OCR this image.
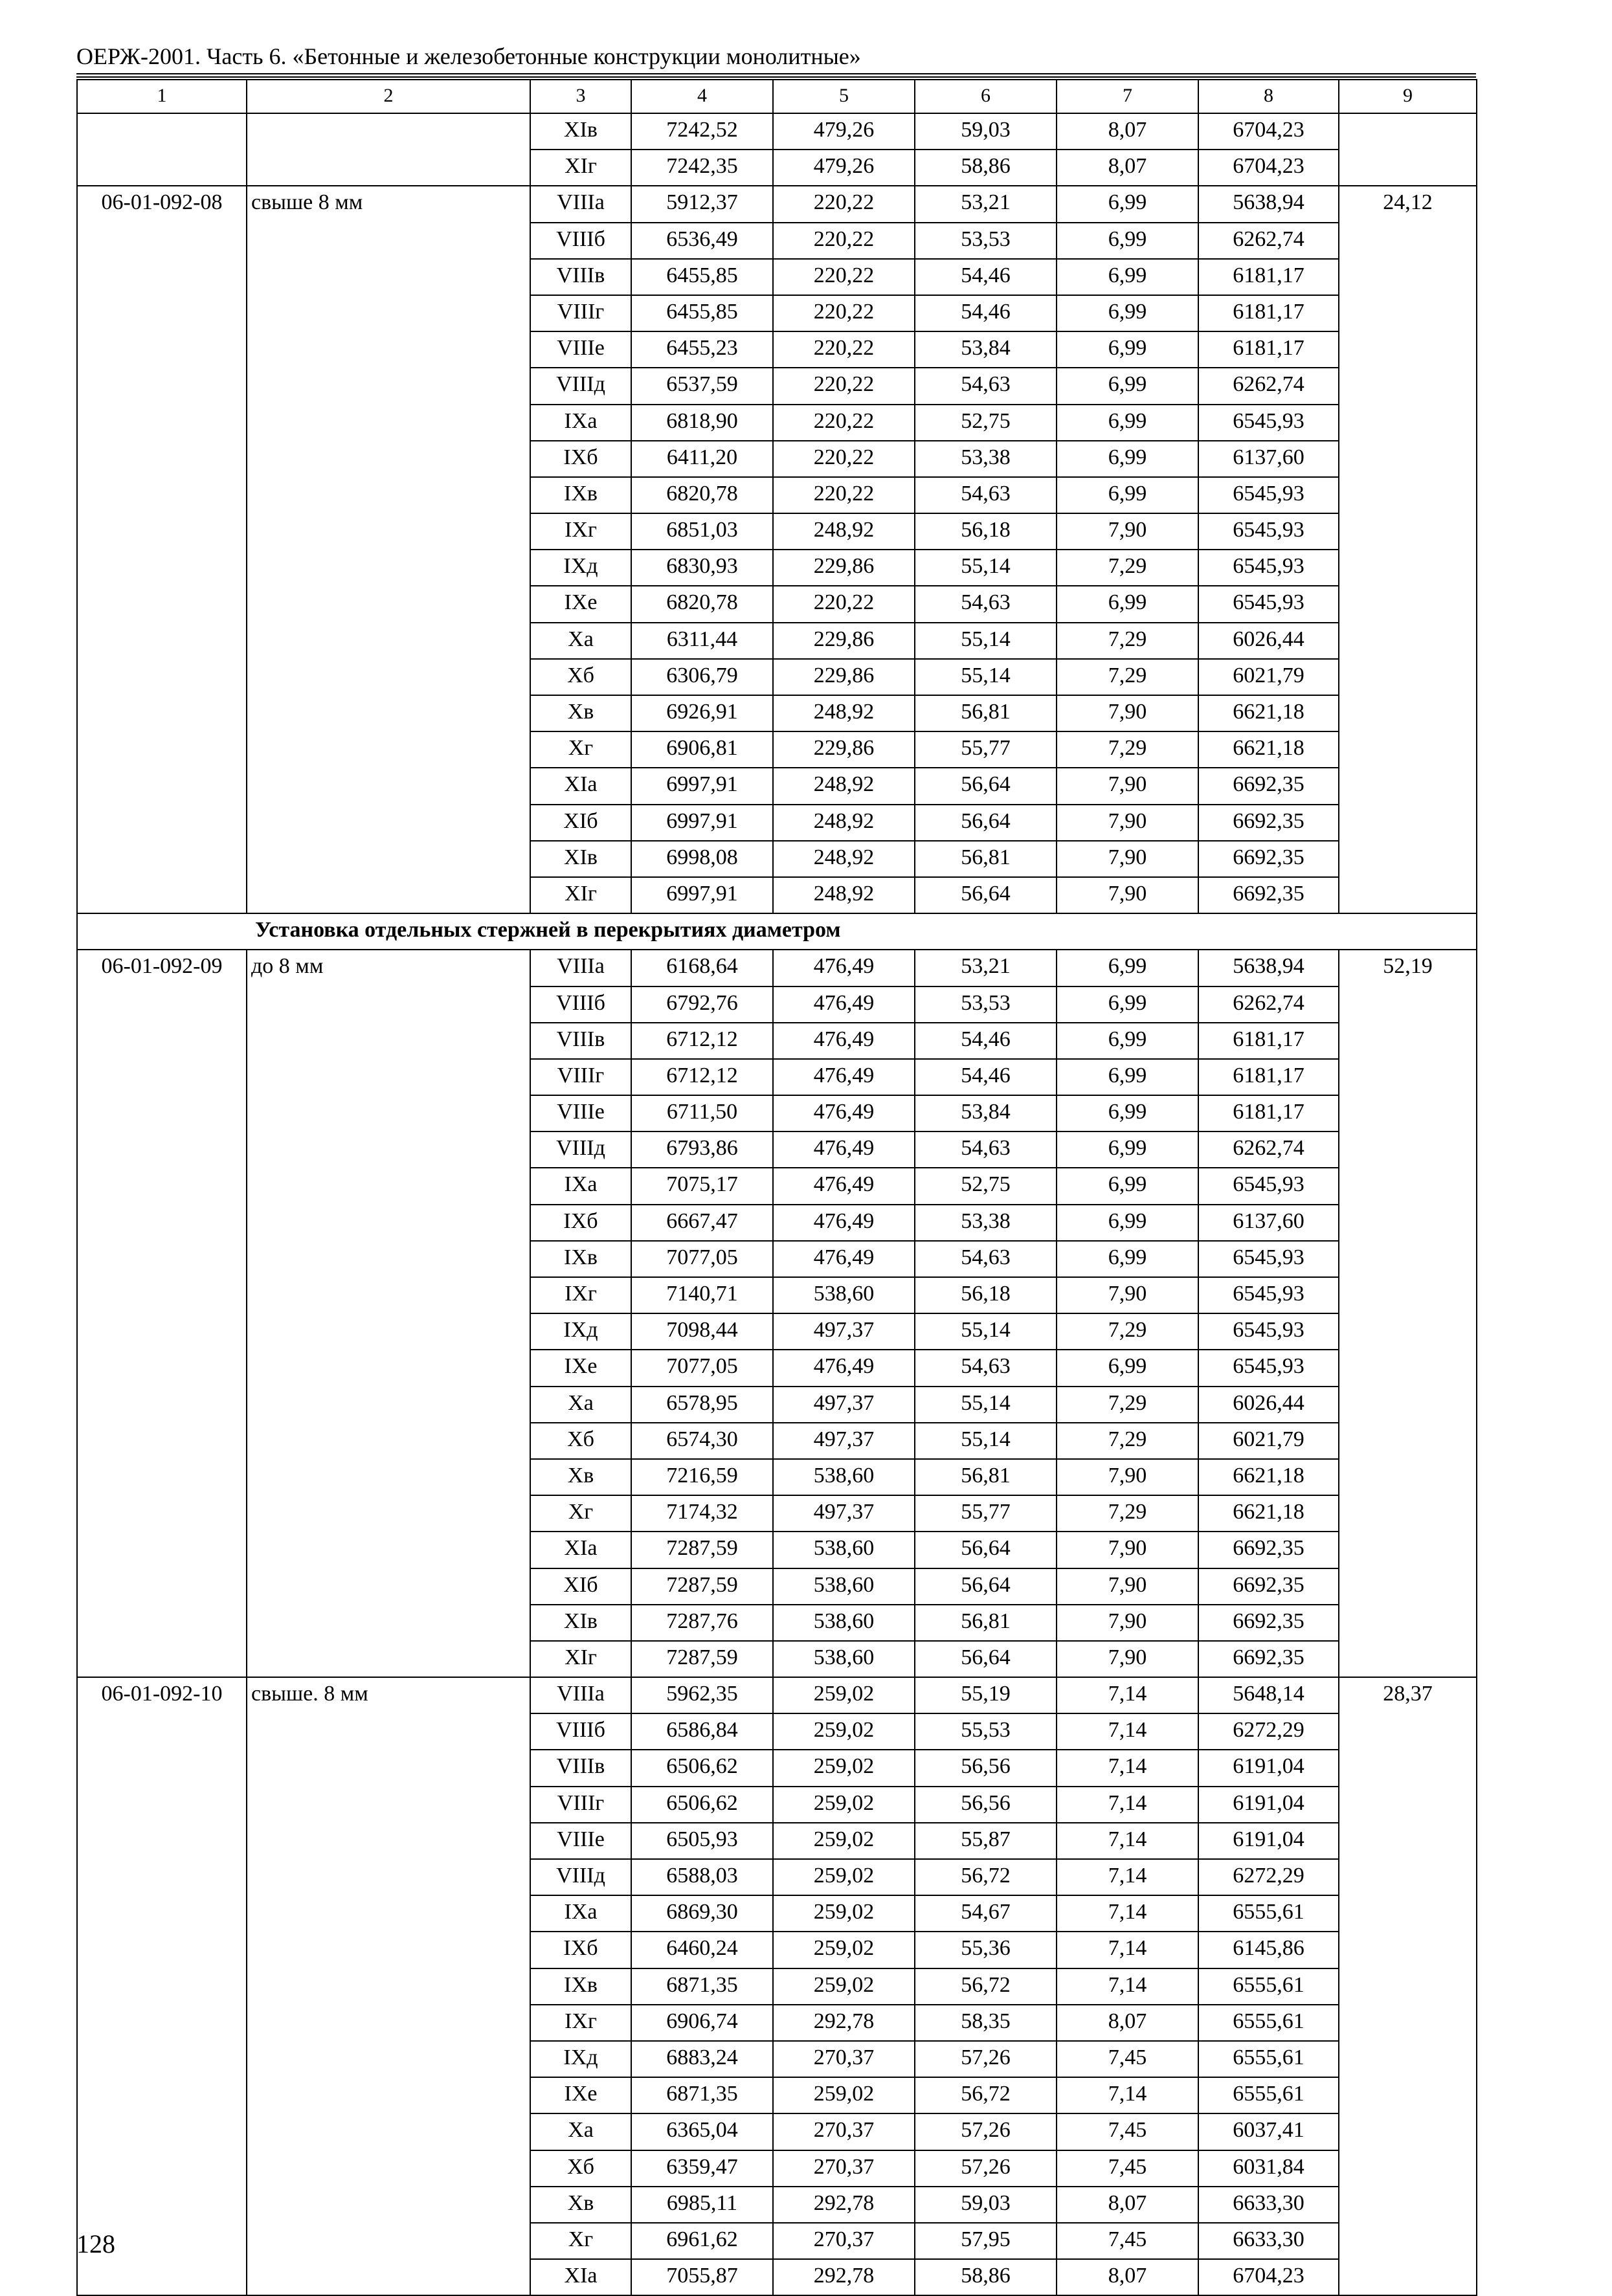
ОЕРЖ-2001. Часть 6. «Бетонные и железобетонные конструкции монолитные»
1	2	3	4	5	6	7	8	9
		XIв	7242,52	479,26	59,03	8,07	6704,23	
		XIг	7242,35	479,26	58,86	8,07	6704,23	
06-01-092-08	свыше 8 мм	VIIIа	5912,37	220,22	53,21	6,99	5638,94	24,12
		VIIIб	6536,49	220,22	53,53	6,99	6262,74	
		VIIIв	6455,85	220,22	54,46	6,99	6181,17	
		VIIIг	6455,85	220,22	54,46	6,99	6181,17	
		VIIIе	6455,23	220,22	53,84	6,99	6181,17	
		VIIIд	6537,59	220,22	54,63	6,99	6262,74	
		IXа	6818,90	220,22	52,75	6,99	6545,93	
		IXб	6411,20	220,22	53,38	6,99	6137,60	
		IXв	6820,78	220,22	54,63	6,99	6545,93	
		IXг	6851,03	248,92	56,18	7,90	6545,93	
		IXд	6830,93	229,86	55,14	7,29	6545,93	
		IXе	6820,78	220,22	54,63	6,99	6545,93	
		Xа	6311,44	229,86	55,14	7,29	6026,44	
		Xб	6306,79	229,86	55,14	7,29	6021,79	
		Xв	6926,91	248,92	56,81	7,90	6621,18	
		Xг	6906,81	229,86	55,77	7,29	6621,18	
		XIа	6997,91	248,92	56,64	7,90	6692,35	
		XIб	6997,91	248,92	56,64	7,90	6692,35	
		XIв	6998,08	248,92	56,81	7,90	6692,35	
		XIг	6997,91	248,92	56,64	7,90	6692,35	
Установка отдельных стержней в перекрытиях диаметром								
06-01-092-09	до 8 мм	VIIIа	6168,64	476,49	53,21	6,99	5638,94	52,19
		VIIIб	6792,76	476,49	53,53	6,99	6262,74	
		VIIIв	6712,12	476,49	54,46	6,99	6181,17	
		VIIIг	6712,12	476,49	54,46	6,99	6181,17	
		VIIIе	6711,50	476,49	53,84	6,99	6181,17	
		VIIIд	6793,86	476,49	54,63	6,99	6262,74	
		IXа	7075,17	476,49	52,75	6,99	6545,93	
		IXб	6667,47	476,49	53,38	6,99	6137,60	
		IXв	7077,05	476,49	54,63	6,99	6545,93	
		IXг	7140,71	538,60	56,18	7,90	6545,93	
		IXд	7098,44	497,37	55,14	7,29	6545,93	
		IXе	7077,05	476,49	54,63	6,99	6545,93	
		Xа	6578,95	497,37	55,14	7,29	6026,44	
		Xб	6574,30	497,37	55,14	7,29	6021,79	
		Xв	7216,59	538,60	56,81	7,90	6621,18	
		Xг	7174,32	497,37	55,77	7,29	6621,18	
		XIа	7287,59	538,60	56,64	7,90	6692,35	
		XIб	7287,59	538,60	56,64	7,90	6692,35	
		XIв	7287,76	538,60	56,81	7,90	6692,35	
		XIг	7287,59	538,60	56,64	7,90	6692,35	
06-01-092-10	свыше. 8 мм	VIIIа	5962,35	259,02	55,19	7,14	5648,14	28,37
		VIIIб	6586,84	259,02	55,53	7,14	6272,29	
		VIIIв	6506,62	259,02	56,56	7,14	6191,04	
		VIIIг	6506,62	259,02	56,56	7,14	6191,04	
		VIIIе	6505,93	259,02	55,87	7,14	6191,04	
		VIIIд	6588,03	259,02	56,72	7,14	6272,29	
		IXа	6869,30	259,02	54,67	7,14	6555,61	
		IXб	6460,24	259,02	55,36	7,14	6145,86	
		IXв	6871,35	259,02	56,72	7,14	6555,61	
		IXг	6906,74	292,78	58,35	8,07	6555,61	
		IXд	6883,24	270,37	57,26	7,45	6555,61	
		IXе	6871,35	259,02	56,72	7,14	6555,61	
		Xа	6365,04	270,37	57,26	7,45	6037,41	
		Xб	6359,47	270,37	57,26	7,45	6031,84	
		Xв	6985,11	292,78	59,03	8,07	6633,30	
		Xг	6961,62	270,37	57,95	7,45	6633,30	
		XIа	7055,87	292,78	58,86	8,07	6704,23	
128
